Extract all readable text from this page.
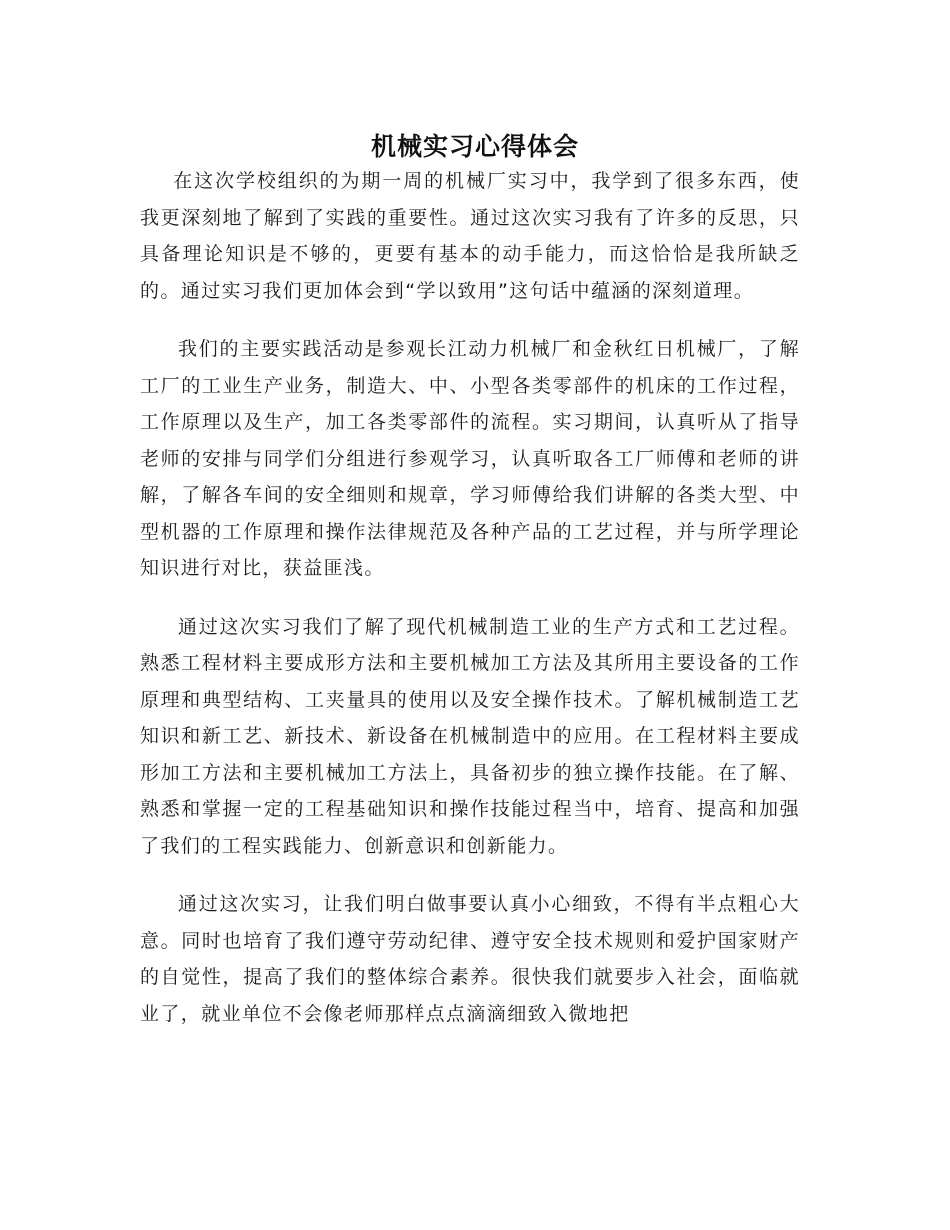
机械实习心得体会

在这次学校组织的为期一周的机械厂实习中，我学到了很多东西，使我更深刻地了解到了实践的重要性。通过这次实习我有了许多的反思，只具备理论知识是不够的，更要有基本的动手能力，而这恰恰是我所缺乏的。通过实习我们更加体会到“学以致用”这句话中蕴涵的深刻道理。

我们的主要实践活动是参观长江动力机械厂和金秋红日机械厂，了解工厂的工业生产业务，制造大、中、小型各类零部件的机床的工作过程，工作原理以及生产，加工各类零部件的流程。实习期间，认真听从了指导老师的安排与同学们分组进行参观学习，认真听取各工厂师傅和老师的讲解，了解各车间的安全细则和规章，学习师傅给我们讲解的各类大型、中型机器的工作原理和操作法律规范及各种产品的工艺过程，并与所学理论知识进行对比，获益匪浅。

通过这次实习我们了解了现代机械制造工业的生产方式和工艺过程。 熟悉工程材料主要成形方法和主要机械加工方法及其所用主要设备的工作原理和典型结构、工夹量具的使用以及安全操作技术。了解机械制造工艺知识和新工艺、新技术、新设备在机械制造中的应用。在工程材料主要成形加工方法和主要机械加工方法上，具备初步的独立操作技能。在了解、熟悉和掌握一定的工程基础知识和操作技能过程当中，培育、提高和加强了我们的工程实践能力、创新意识和创新能力。

通过这次实习，让我们明白做事要认真小心细致，不得有半点粗心大意。同时也培育了我们遵守劳动纪律、遵守安全技术规则和爱护国家财产的自觉性，提高了我们的整体综合素养。很快我们就要步入社会，面临就业了，就业单位不会像老师那样点点滴滴细致入微地把
